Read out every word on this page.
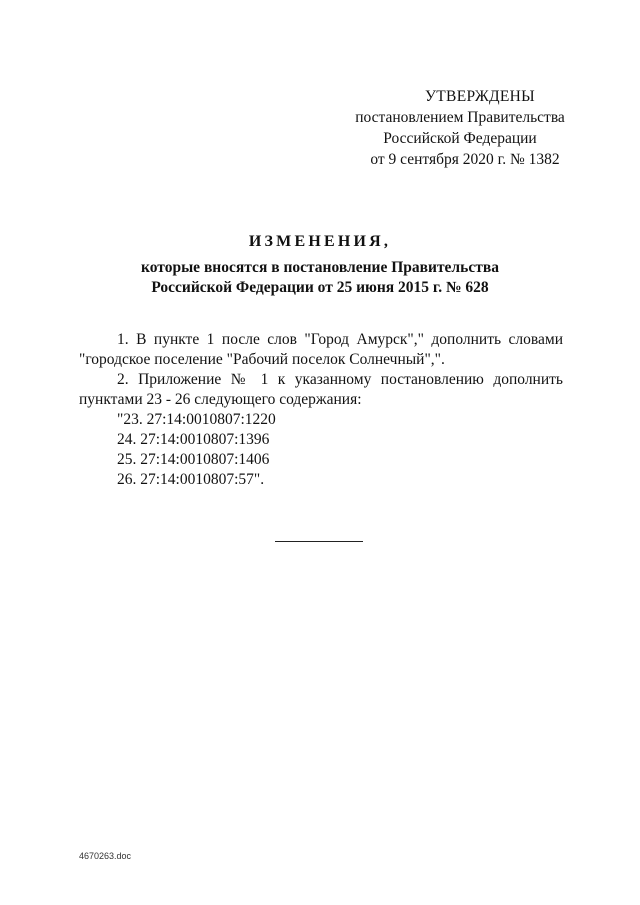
УТВЕРЖДЕНЫ
постановлением Правительства
Российской Федерации
от 9 сентября 2020 г. № 1382
ИЗМЕНЕНИЯ,
которые вносятся в постановление Правительства
Российской Федерации от 25 июня 2015 г. № 628

1. В пункте 1 после слов "Город Амурск"," дополнить словами

"городское поселение "Рабочий поселок Солнечный",".

2. Приложение № 1 к указанному постановлению дополнить

пунктами 23 - 26 следующего содержания:

"23. 27:14:0010807:1220

24. 27:14:0010807:1396

25. 27:14:0010807:1406

26. 27:14:0010807:57".

4670263.doc
